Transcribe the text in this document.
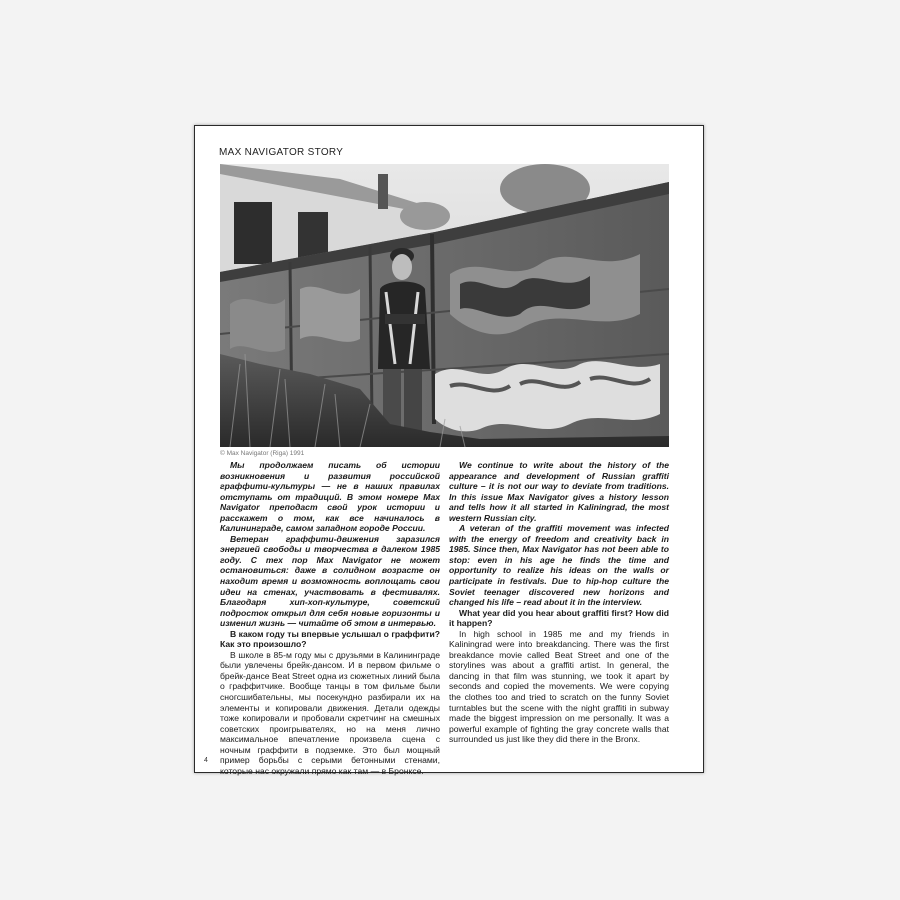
MAX NAVIGATOR STORY
© Max Navigator (Riga) 1991

Мы продолжаем писать об истории возникновения и развития российской граффити-культуры — не в наших правилах отступать от традиций. В этом номере Max Navigator преподаст свой урок истории и расскажет о том, как все начиналось в Калининграде, самом западном городе России.

Ветеран граффити-движения заразился энергией свободы и творчества в далеком 1985 году. С тех пор Max Navigator не может остановиться: даже в солидном возрасте он находит время и возможность воплощать свои идеи на стенах, участвовать в фестивалях. Благодаря хип-хоп-культуре, советский подросток открыл для себя новые горизонты и изменил жизнь — читайте об этом в интервью.

В каком году ты впервые услышал о граффити? Как это произошло?

В школе в 85-м году мы с друзьями в Калининграде были увлечены брейк-дансом. И в первом фильме о брейк-дансе Beat Street одна из сюжетных линий была о граффитчике. Вообще танцы в том фильме были сногсшибательны, мы посекундно разбирали их на элементы и копировали движения. Детали одежды тоже копировали и пробовали скретчинг на смешных советских проигрывателях, но на меня лично максимальное впечатление произвела сцена с ночным граффити в подземке. Это был мощный пример борьбы с серыми бетонными стенами, которые нас окружали прямо как там — в Бронксе.

We continue to write about the history of the appearance and development of Russian graffiti culture – it is not our way to deviate from traditions. In this issue Max Navigator gives a history lesson and tells how it all started in Kaliningrad, the most western Russian city.

A veteran of the graffiti movement was infected with the energy of freedom and creativity back in 1985. Since then, Max Navigator has not been able to stop: even in his age he finds the time and opportunity to realize his ideas on the walls or participate in festivals. Due to hip-hop culture the Soviet teenager discovered new horizons and changed his life – read about it in the interview.

What year did you hear about graffiti first? How did it happen?

In high school in 1985 me and my friends in Kaliningrad were into breakdancing. There was the first breakdance movie called Beat Street and one of the storylines was about a graffiti artist. In general, the dancing in that film was stunning, we took it apart by seconds and copied the movements. We were copying the clothes too and tried to scratch on the funny Soviet turntables but the scene with the night graffiti in subway made the biggest impression on me personally. It was a powerful example of fighting the gray concrete walls that surrounded us just like they did there in the Bronx.

4
